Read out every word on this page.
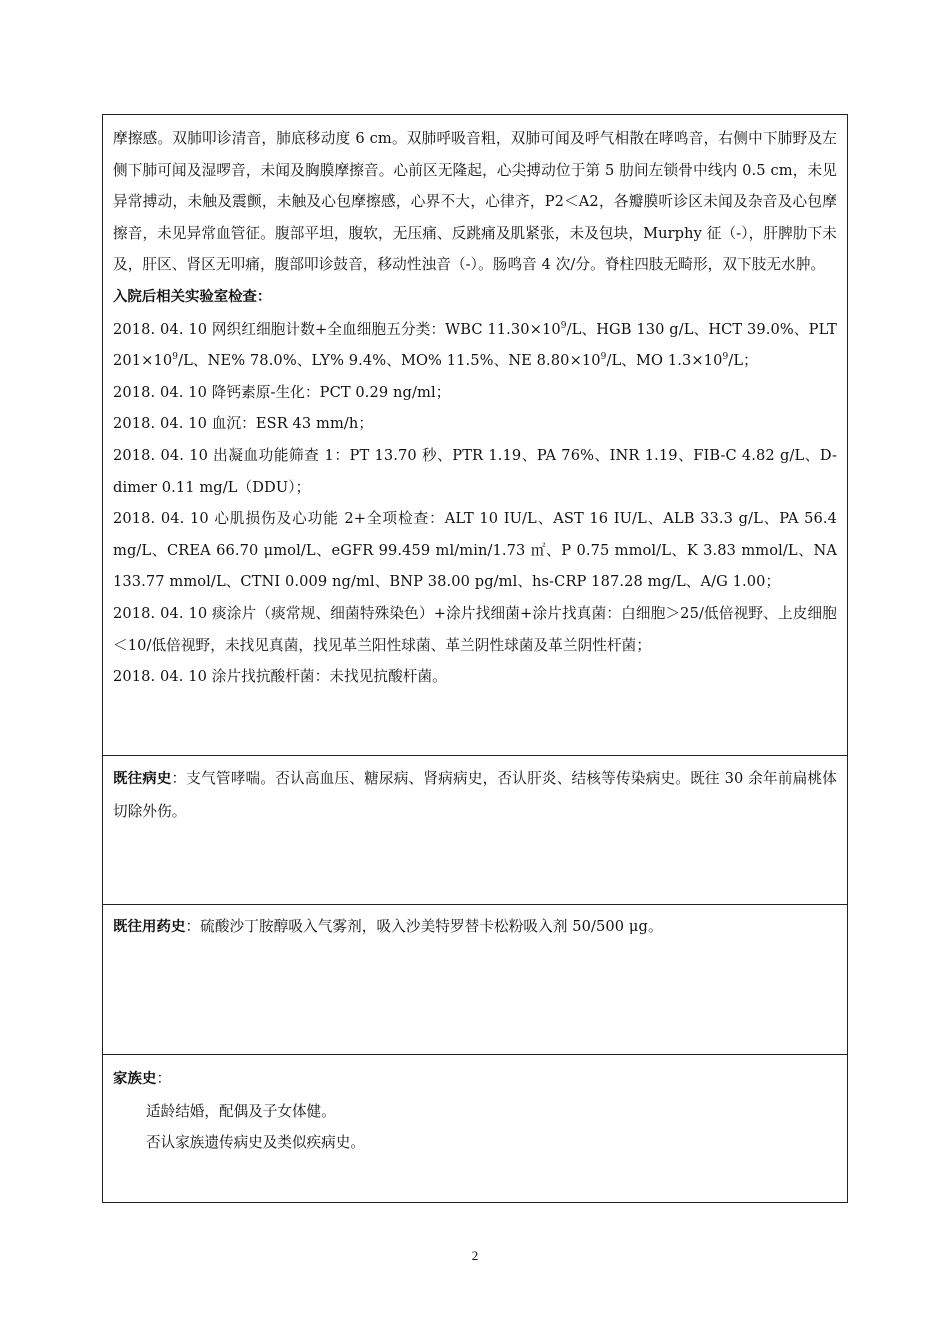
摩擦感。双肺叩诊清音，肺底移动度 6 cm。双肺呼吸音粗，双肺可闻及呼气相散在哮鸣音，右侧中下肺野及左侧下肺可闻及湿啰音，未闻及胸膜摩擦音。心前区无隆起，心尖搏动位于第 5 肋间左锁骨中线内 0.5 cm，未见异常搏动，未触及震颤，未触及心包摩擦感，心界不大，心律齐，P2＜A2，各瓣膜听诊区未闻及杂音及心包摩擦音，未见异常血管征。腹部平坦，腹软，无压痛、反跳痛及肌紧张，未及包块，Murphy 征（-），肝脾肋下未及，肝区、肾区无叩痛，腹部叩诊鼓音，移动性浊音（-）。肠鸣音 4 次/分。脊柱四肢无畸形，双下肢无水肿。

入院后相关实验室检查：

2018. 04. 10 网织红细胞计数+全血细胞五分类：WBC $11.30\times 10^9/L$、HGB 130 g/L、HCT 39.0%、PLT $201\times 10^9/L$、NE% 78.0%、LY% 9.4%、MO% 11.5%、NE $8.80\times 10^9/L$、MO $1.3\times 10^9/L$；

2018. 04. 10 降钙素原-生化：PCT 0.29 ng/ml；

2018. 04. 10 血沉：ESR 43 mm/h；

2018. 04. 10 出凝血功能筛查 1：PT 13.70 秒、PTR 1.19、PA 76%、INR 1.19、FIB-C 4.82 g/L、D-dimer 0.11 mg/L（DDU）；

2018. 04. 10 心肌损伤及心功能 2+全项检查：ALT 10 IU/L、AST 16 IU/L、ALB 33.3 g/L、PA 56.4 mg/L、CREA 66.70 μmol/L、eGFR 99.459 ml/min/1.73 ㎡、P 0.75 mmol/L、K 3.83 mmol/L、NA 133.77 mmol/L、CTNI 0.009 ng/ml、BNP 38.00 pg/ml、hs-CRP 187.28 mg/L、A/G 1.00；

2018. 04. 10 痰涂片（痰常规、细菌特殊染色）+涂片找细菌+涂片找真菌：白细胞＞25/低倍视野、上皮细胞＜10/低倍视野，未找见真菌，找见革兰阳性球菌、革兰阴性球菌及革兰阴性杆菌；

2018. 04. 10 涂片找抗酸杆菌：未找见抗酸杆菌。

既往病史：支气管哮喘。否认高血压、糖尿病、肾病病史，否认肝炎、结核等传染病史。既往 30 余年前扁桃体切除外伤。

既往用药史：硫酸沙丁胺醇吸入气雾剂，吸入沙美特罗替卡松粉吸入剂 50/500 μg。

家族史：

适龄结婚，配偶及子女体健。

否认家族遗传病史及类似疾病史。

2
